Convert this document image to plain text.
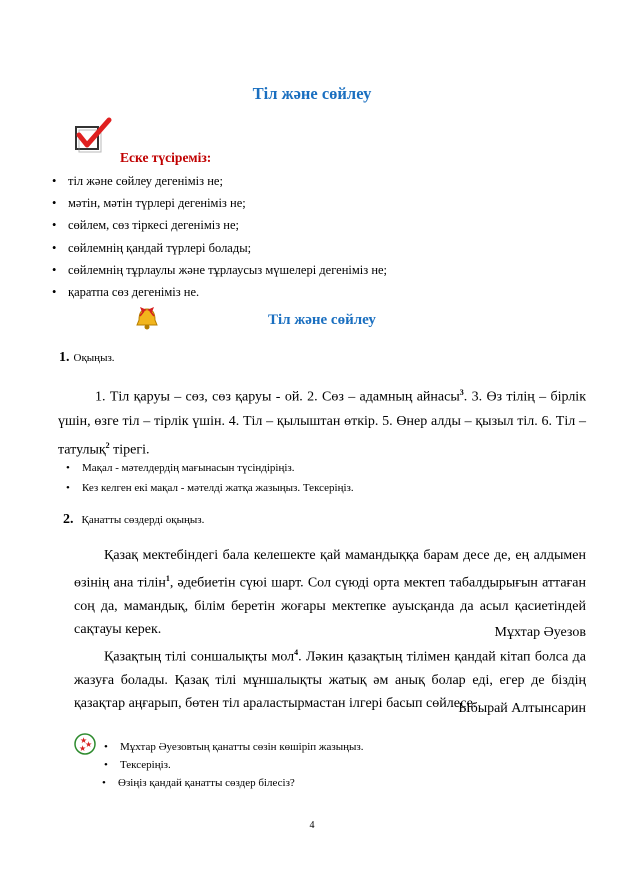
Тіл және сөйлеу
Еске түсіреміз:
• тіл және сөйлеу дегеніміз не;
• мәтін, мәтін түрлері дегеніміз не;
• сөйлем, сөз тіркесі дегеніміз не;
• сөйлемнің қандай түрлері болады;
• сөйлемнің тұрлаулы және тұрлаусыз мүшелері дегеніміз не;
• қаратпа сөз дегеніміз не.
Тіл және сөйлеу
1. Оқыңыз.
1. Тіл қаруы – сөз, сөз қаруы - ой. 2. Сөз – адамның айнасы$^3$. 3. Өз тілің – бірлік үшін, өзге тіл – тірлік үшін. 4. Тіл – қылыштан өткір. 5. Өнер алды – қызыл тіл. 6. Тіл – татулық$^2$ тірегі.
• Мақал - мәтелдердің мағынасын түсіндіріңіз.
• Кез келген екі мақал - мәтелді жатқа жазыңыз. Тексеріңіз.
2. Қанатты сөздерді оқыңыз.

Қазақ мектебіндегі бала келешекте қай мамандыққа барам десе де, ең алдымен өзінің ана тілін$^1$, әдебиетін сүюі шарт. Сол сүюді орта мектеп табалдырығын аттаған соң да, мамандық, білім беретін жоғары мектепке ауысқанда да асыл қасиетіндей сақтауы керек.	Мұхтар Әуезов

Қазақтың тілі соншалықты мол$^4$. Ләкин қазақтың тілімен қандай кітап болса да жазуға болады. Қазақ тілі мұншалықты жатық әм анық болар еді, егер де біздің қазақтар аңғарып, бөтен тіл араластырмастан ілгері басып сөйлесе.

Ыбырай Алтынсарин
★
★
★
•	Мұхтар Әуезовтың қанатты сөзін көшіріп жазыңыз.
• Тексеріңіз.
• Өзіңіз қандай қанатты сөздер білесіз?
4
